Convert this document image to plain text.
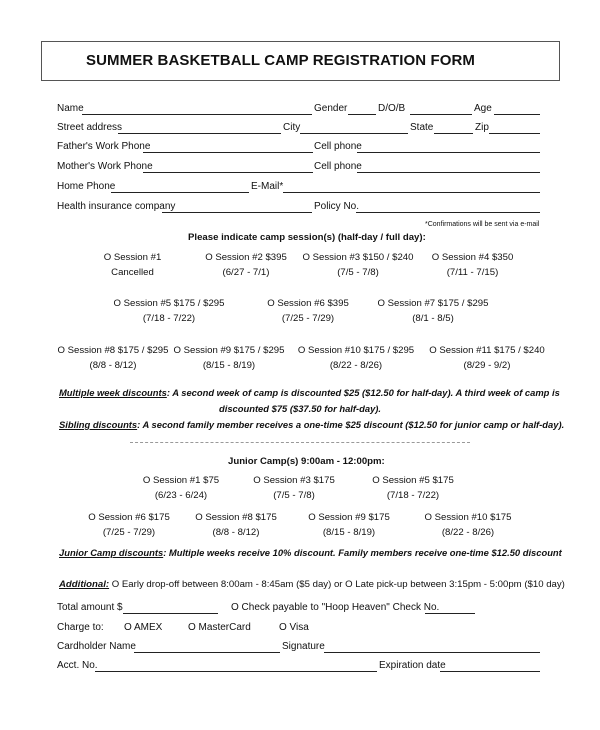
SUMMER BASKETBALL CAMP REGISTRATION FORM
Name	Gender	D/O/B	Age
Street address	City	State	Zip
Father's Work Phone	Cell phone
Mother's Work Phone	Cell phone
Home Phone	E-Mail*
Health insurance company	Policy No.
*Confirmations will be sent via e-mail
Please indicate camp session(s) (half-day / full day):
O Session #1
Cancelled
O Session #2 $395
(6/27 - 7/1)
O Session #3 $150 / $240
(7/5 - 7/8)
O Session #4 $350
(7/11 - 7/15)
O Session #5 $175 / $295
(7/18 - 7/22)
O Session #6 $395
(7/25 - 7/29)
O Session #7 $175 / $295
(8/1 - 8/5)
O Session #8 $175 / $295
(8/8 - 8/12)
O Session #9 $175 / $295
(8/15 - 8/19)
O Session #10 $175 / $295
(8/22 - 8/26)
O Session #11 $175 / $240
(8/29 - 9/2)
Multiple week discounts: A second week of camp is discounted $25 ($12.50 for half-day). A third week of camp is
discounted $75 ($37.50 for half-day).
Sibling discounts: A second family member receives a one-time $25 discount ($12.50 for junior camp or half-day).
Junior Camp(s) 9:00am - 12:00pm:
O Session #1 $75
(6/23 - 6/24)
O Session #3 $175
(7/5 - 7/8)
O Session #5 $175
(7/18 - 7/22)
O Session #6 $175
(7/25 - 7/29)
O Session #8 $175
(8/8 - 8/12)
O Session #9 $175
(8/15 - 8/19)
O Session #10 $175
(8/22 - 8/26)
Junior Camp discounts: Multiple weeks receive 10% discount. Family members receive one-time $12.50 discount
Additional: O Early drop-off between 8:00am - 8:45am ($5 day) or O Late pick-up between 3:15pm - 5:00pm ($10 day)
Total amount $	O Check payable to "Hoop Heaven" Check No.
Charge to: O AMEX	O MasterCard	O Visa
Cardholder Name	Signature
Acct. No.	Expiration date
